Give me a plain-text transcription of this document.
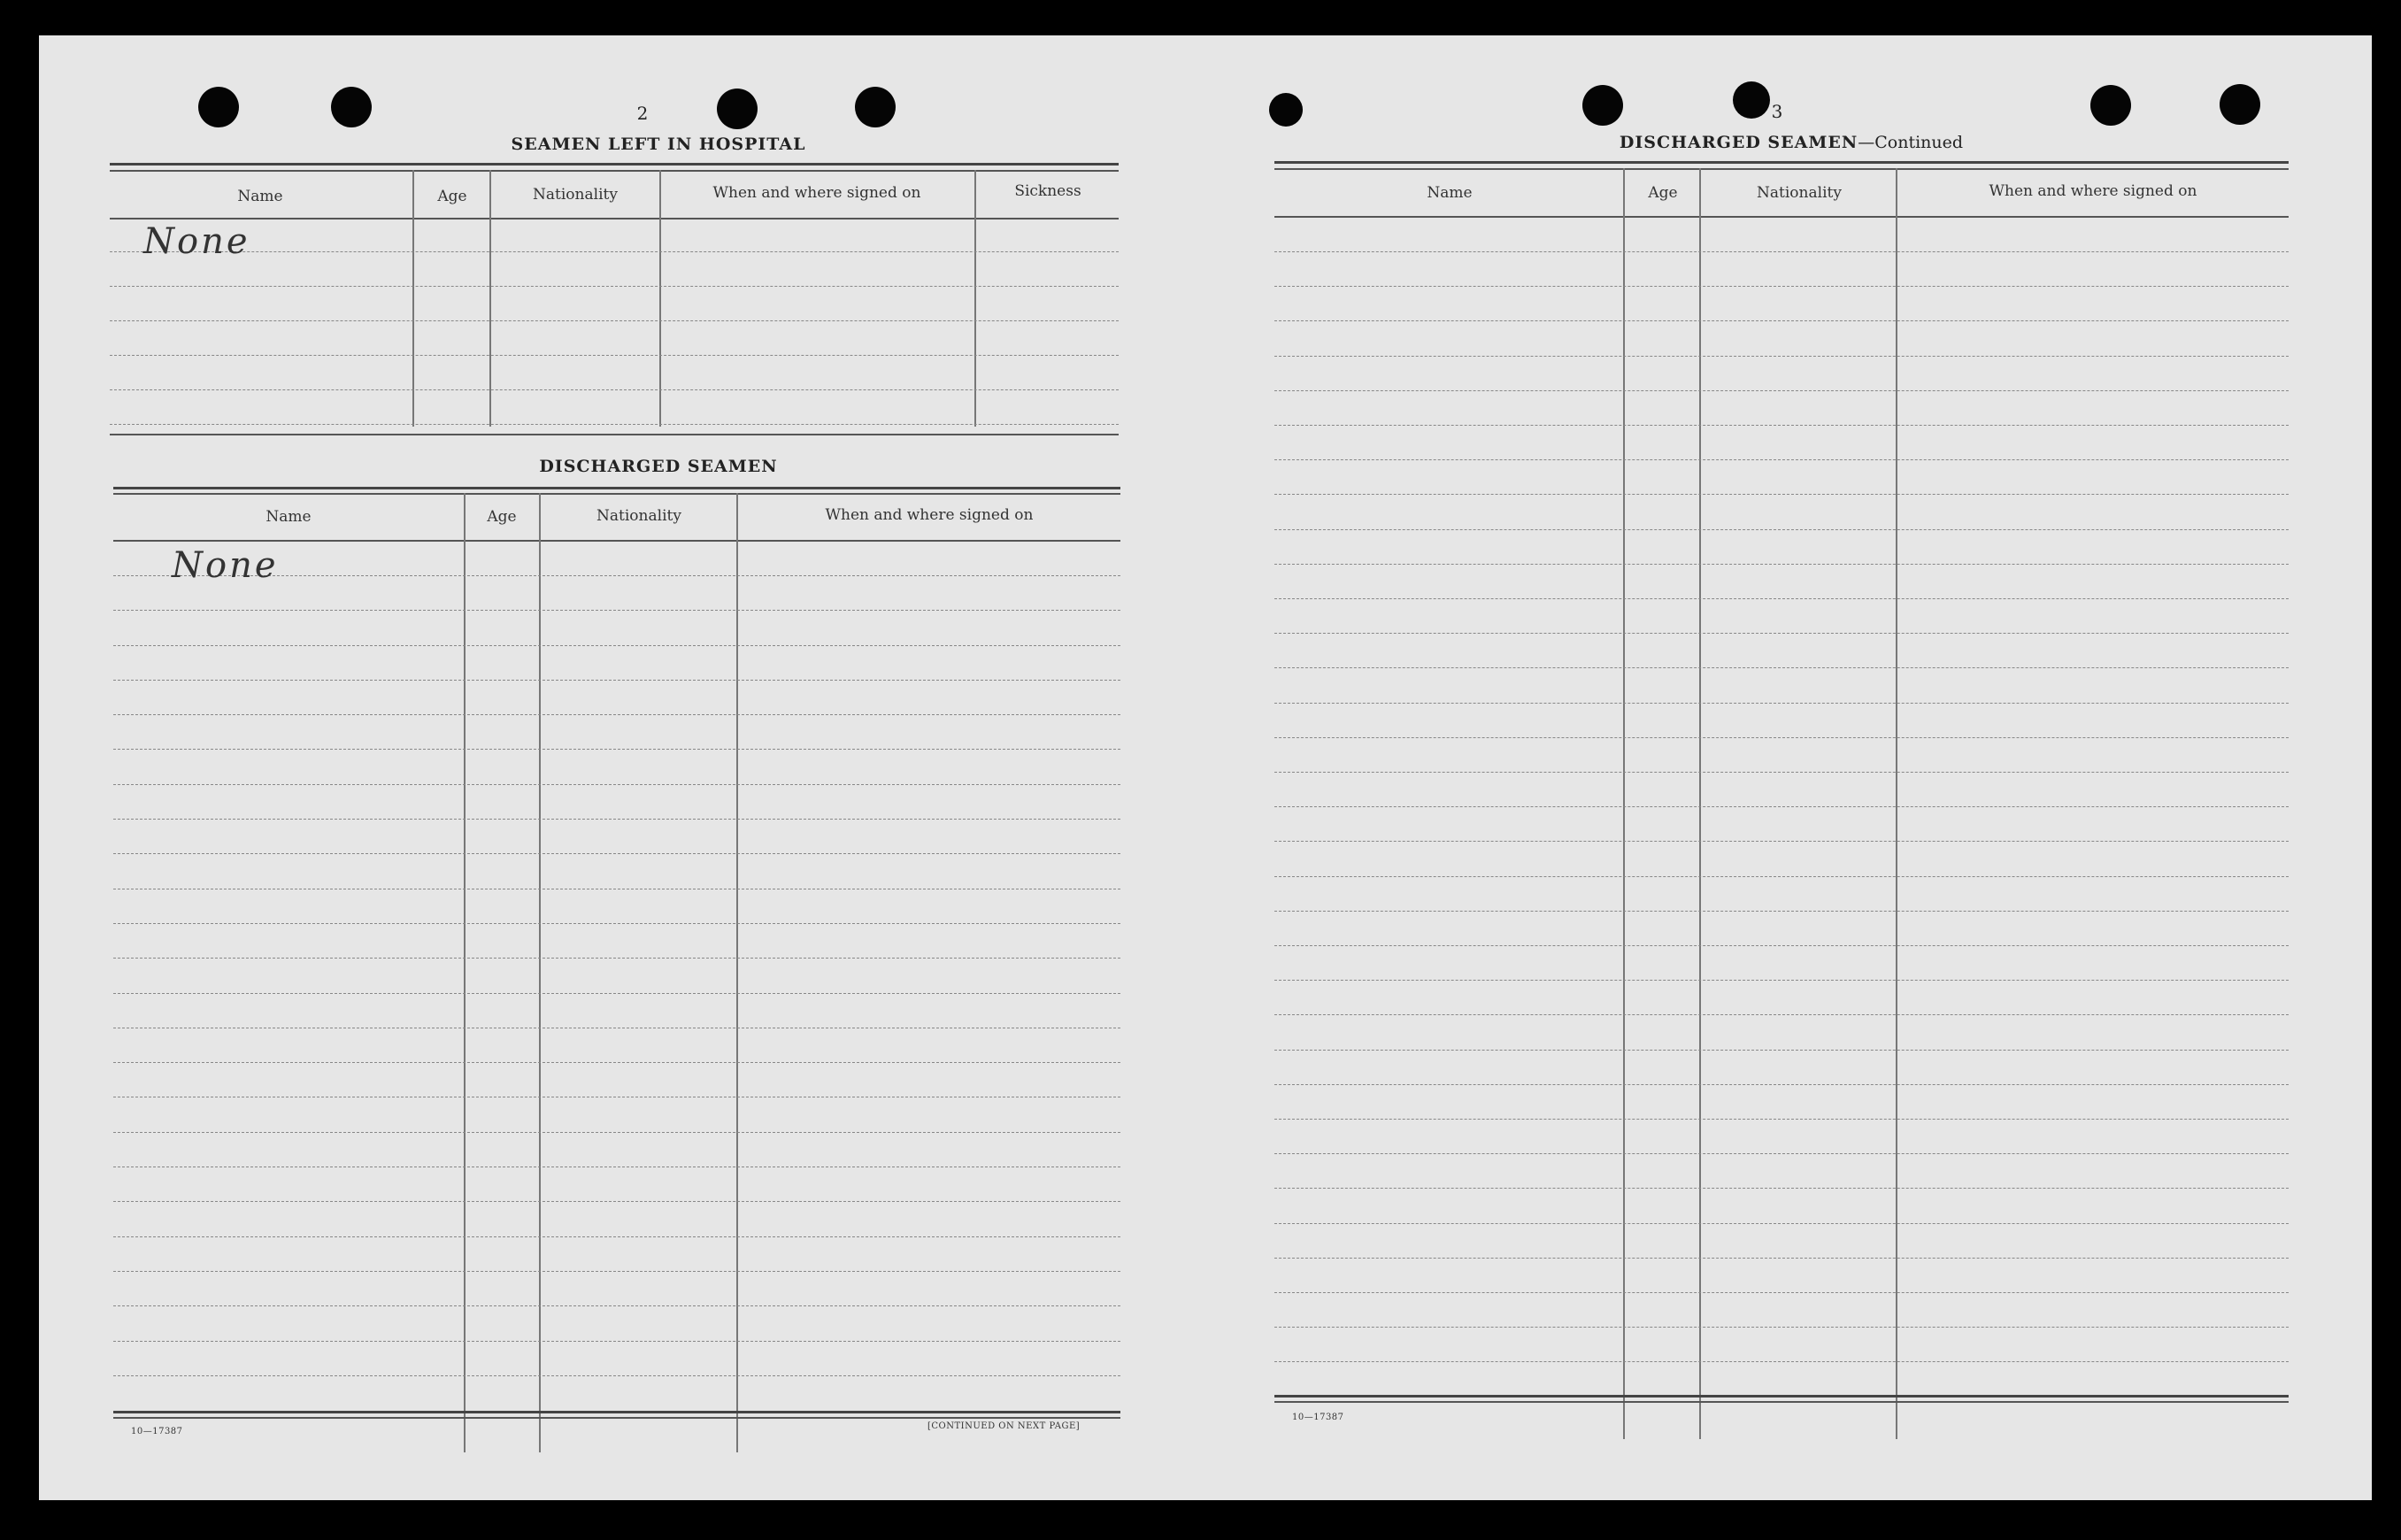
2
SEAMEN LEFT IN HOSPITAL
Name	Age	Nationality	When and where signed on	Sickness
None
DISCHARGED SEAMEN
Name	Age	Nationality	When and where signed on
None
10—17387
[CONTINUED ON NEXT PAGE]
3
DISCHARGED SEAMEN—Continued
Name	Age	Nationality	When and where signed on
10—17387
